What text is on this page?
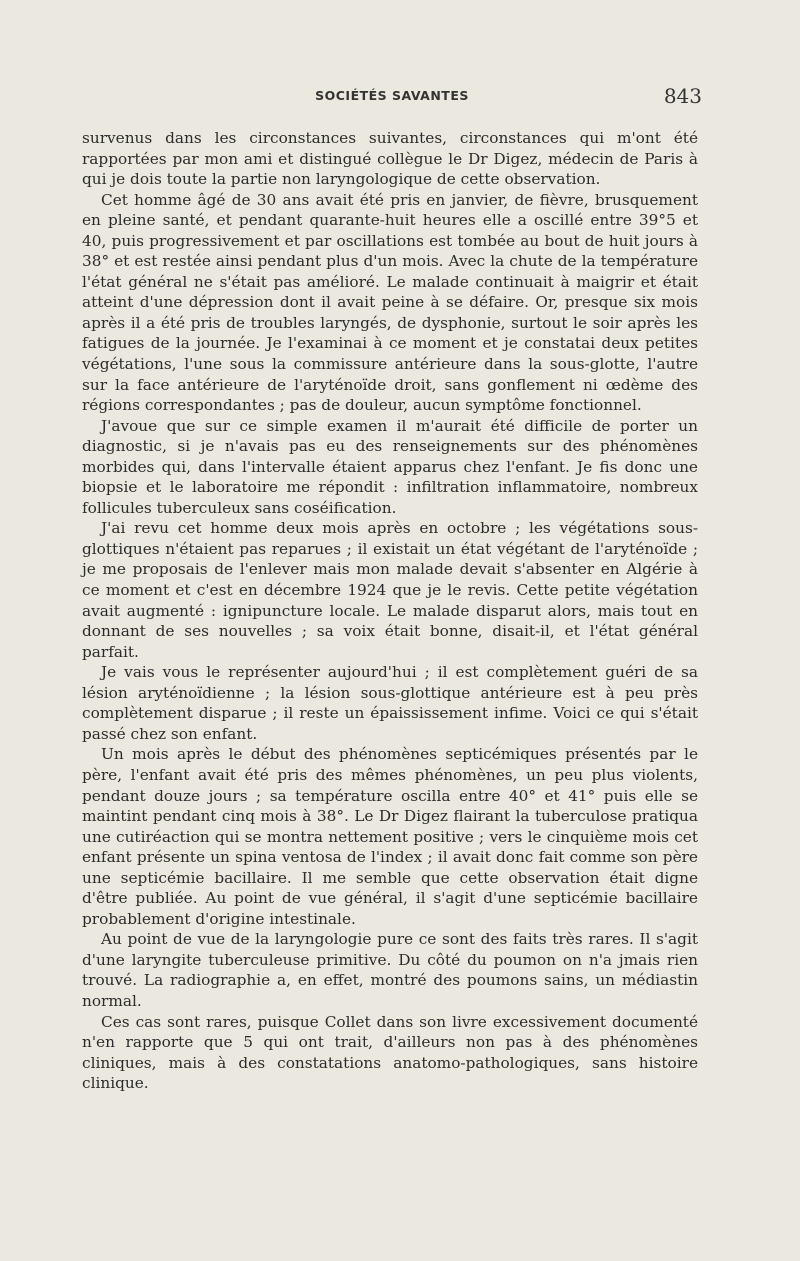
SOCIÉTÉS SAVANTES	843

survenus dans les circonstances suivantes, circonstances qui m'ont été rapportées par mon ami et distingué collègue le Dr Digez, médecin de Paris à qui je dois toute la partie non laryngologique de cette observation.

Cet homme âgé de 30 ans avait été pris en janvier, de fièvre, brusquement en pleine santé, et pendant quarante-huit heures elle a oscillé entre 39°5 et 40, puis progressivement et par oscillations est tombée au bout de huit jours à 38° et est restée ainsi pendant plus d'un mois. Avec la chute de la température l'état général ne s'était pas amélioré. Le malade continuait à maigrir et était atteint d'une dépression dont il avait peine à se défaire. Or, presque six mois après il a été pris de troubles laryngés, de dysphonie, surtout le soir après les fatigues de la journée. Je l'examinai à ce moment et je constatai deux petites végétations, l'une sous la commissure antérieure dans la sous-glotte, l'autre sur la face antérieure de l'aryténoïde droit, sans gonflement ni œdème des régions correspondantes ; pas de douleur, aucun symptôme fonctionnel.

J'avoue que sur ce simple examen il m'aurait été difficile de porter un diagnostic, si je n'avais pas eu des renseignements sur des phénomènes morbides qui, dans l'intervalle étaient apparus chez l'enfant. Je fis donc une biopsie et le laboratoire me répondit : infiltration inflammatoire, nombreux follicules tuberculeux sans coséification.

J'ai revu cet homme deux mois après en octobre ; les végétations sous-glottiques n'étaient pas reparues ; il existait un état végétant de l'aryténoïde ; je me proposais de l'enlever mais mon malade devait s'absenter en Algérie à ce moment et c'est en décembre 1924 que je le revis. Cette petite végétation avait augmenté : ignipuncture locale. Le malade disparut alors, mais tout en donnant de ses nouvelles ; sa voix était bonne, disait-il, et l'état général parfait.

Je vais vous le représenter aujourd'hui ; il est complètement guéri de sa lésion aryténoïdienne ; la lésion sous-glottique antérieure est à peu près complètement disparue ; il reste un épaississement infime. Voici ce qui s'était passé chez son enfant.

Un mois après le début des phénomènes septicémiques présentés par le père, l'enfant avait été pris des mêmes phénomènes, un peu plus violents, pendant douze jours ; sa température oscilla entre 40° et 41° puis elle se maintint pendant cinq mois à 38°. Le Dr Digez flairant la tuberculose pratiqua une cutiréaction qui se montra nettement positive ; vers le cinquième mois cet enfant présente un spina ventosa de l'index ; il avait donc fait comme son père une septicémie bacillaire. Il me semble que cette observation était digne d'être publiée. Au point de vue général, il s'agit d'une septicémie bacillaire probablement d'origine intestinale.

Au point de vue de la laryngologie pure ce sont des faits très rares. Il s'agit d'une laryngite tuberculeuse primitive. Du côté du poumon on n'a jmais rien trouvé. La radiographie a, en effet, montré des poumons sains, un médiastin normal.

Ces cas sont rares, puisque Collet dans son livre excessivement documenté n'en rapporte que 5 qui ont trait, d'ailleurs non pas à des phénomènes cliniques, mais à des constatations anatomo-pathologiques, sans histoire clinique.
